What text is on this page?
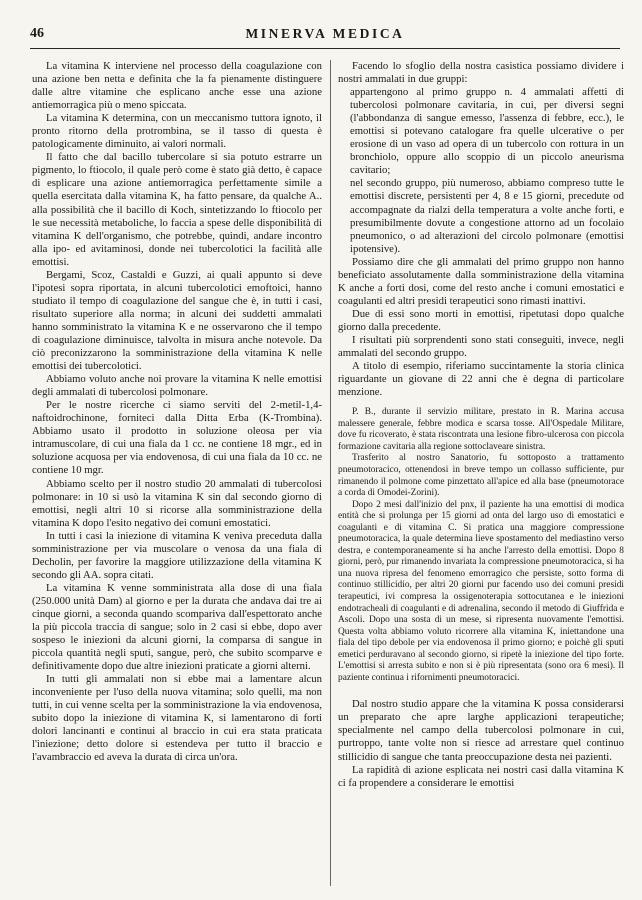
46	MINERVA MEDICA

La vitamina K interviene nel processo della coagulazione con una azione ben netta e definita che la fa pienamente distinguere dalle altre vitamine che esplicano anche esse una azione antiemorragica più o meno spiccata.

La vitamina K determina, con un meccanismo tuttora ignoto, il pronto ritorno della protrombina, se il tasso di questa è patologicamente diminuito, ai valori normali.

Il fatto che dal bacillo tubercolare si sia potuto estrarre un pigmento, lo ftiocolo, il quale però come è stato già detto, è capace di esplicare una azione antiemorragica perfettamente simile a quella esercitata dalla vitamina K, ha fatto pensare, da qualche A.. alla possibilità che il bacillo di Koch, sintetizzando lo ftiocolo per le sue necessità metaboliche, lo faccia a spese delle disponibilità di vitamina K dell'organismo, che potrebbe, quindi, andare incontro alla ipo- ed avitaminosi, donde nei tubercolotici la facilità alle emottisi.

Bergami, Scoz, Castaldi e Guzzi, ai quali appunto si deve l'ipotesi sopra riportata, in alcuni tubercolotici emoftoici, hanno studiato il tempo di coagulazione del sangue che è, in tutti i casi, risultato superiore alla norma; in alcuni dei suddetti ammalati hanno somministrato la vitamina K e ne osservarono che il tempo di coagulazione diminuisce, talvolta in misura anche notevole. Da ciò preconizzarono la somministrazione della vitamina K nelle emottisi dei tubercolotici.

Abbiamo voluto anche noi provare la vitamina K nelle emottisi degli ammalati di tubercolosi polmonare.

Per le nostre ricerche ci siamo serviti del 2-metil-1,4-naftoidrochinone, forniteci dalla Ditta Erba (K-Trombina). Abbiamo usato il prodotto in soluzione oleosa per via intramuscolare, di cui una fiala da 1 cc. ne contiene 18 mgr., ed in soluzione acquosa per via endovenosa, di cui una fiala da 10 cc. ne contiene 10 mgr.

Abbiamo scelto per il nostro studio 20 ammalati di tubercolosi polmonare: in 10 si usò la vitamina K sin dal secondo giorno di emottisi, negli altri 10 si ricorse alla somministrazione della vitamina K dopo l'esito negativo dei comuni emostatici.

In tutti i casi la iniezione di vitamina K veniva preceduta dalla somministrazione per via muscolare o venosa da una fiala di Decholin, per favorire la maggiore utilizzazione della vitamina K secondo gli AA. sopra citati.

La vitamina K venne somministrata alla dose di una fiala (250.000 unità Dam) al giorno e per la durata che andava dai tre ai cinque giorni, a seconda quando scompariva dall'espettorato anche la più piccola traccia di sangue; solo in 2 casi si ebbe, dopo aver sospeso le iniezioni da alcuni giorni, la comparsa di sangue in piccola quantità negli sputi, sangue, però, che subito scomparve e definitivamente dopo due altre iniezioni praticate a giorni alterni.

In tutti gli ammalati non si ebbe mai a lamentare alcun inconveniente per l'uso della nuova vitamina; solo quelli, ma non tutti, in cui venne scelta per la somministrazione la via endovenosa, subito dopo la iniezione di vitamina K, si lamentarono di forti dolori lancinanti e continui al braccio in cui era stata praticata l'iniezione; detto dolore si estendeva per tutto il braccio e l'avambraccio ed aveva la durata di circa un'ora.

Facendo lo sfoglio della nostra casistica possiamo dividere i nostri ammalati in due gruppi:

appartengono al primo gruppo n. 4 ammalati affetti di tubercolosi polmonare cavitaria, in cui, per diversi segni (l'abbondanza di sangue emesso, l'assenza di febbre, ecc.), le emottisi si potevano catalogare fra quelle ulcerative o per erosione di un vaso ad opera di un tubercolo con rottura in un bronchiolo, oppure allo scoppio di un piccolo aneurisma cavitario;

nel secondo gruppo, più numeroso, abbiamo compreso tutte le emottisi discrete, persistenti per 4, 8 e 15 giorni, precedute od accompagnate da rialzi della temperatura a volte anche forti, e presumibilmente dovute a congestione attorno ad un focolaio pneumonico, o ad alterazioni del circolo polmonare (emottisi ipotensive).

Possiamo dire che gli ammalati del primo gruppo non hanno beneficiato assolutamente dalla somministrazione della vitamina K anche a forti dosi, come del resto anche i comuni emostatici e coagulanti ed altri presidi terapeutici sono rimasti inattivi.

Due di essi sono morti in emottisi, ripetutasi dopo qualche giorno dalla precedente.

I risultati più sorprendenti sono stati conseguiti, invece, negli ammalati del secondo gruppo.

A titolo di esempio, riferiamo succintamente la storia clinica riguardante un giovane di 22 anni che è degna di particolare menzione.

P. B., durante il servizio militare, prestato in R. Marina accusa malessere generale, febbre modica e scarsa tosse. All'Ospedale Militare, dove fu ricoverato, è stata riscontrata una lesione fibro-ulcerosa con piccola formazione cavitaria alla regione sottoclaveare sinistra.

Trasferito al nostro Sanatorio, fu sottoposto a trattamento pneumotoracico, ottenendosi in breve tempo un collasso sufficiente, pur rimanendo il polmone come pinzettato all'apice ed alla base (pneumotorace a corda di Omodei-Zorini).

Dopo 2 mesi dall'inizio del pnx, il paziente ha una emottisi di modica entità che si prolunga per 15 giorni ad onta del largo uso di emostatici e coagulanti e di vitamina C. Si pratica una maggiore compressione pneumotoracica, la quale determina lieve spostamento del mediastino verso destra, e contemporaneamente si ha anche l'arresto della emottisi. Dopo 8 giorni, però, pur rimanendo invariata la compressione pneumotoracica, si ha una nuova ripresa del fenomeno emorragico che persiste, sotto forma di continuo stillicidio, per altri 20 giorni pur facendo uso dei comuni presidi terapeutici, ivi compresa la ossigenoterapia sottocutanea e le iniezioni endotracheali di coagulanti e di adrenalina, secondo il metodo di Giuffrida e Ascoli. Dopo una sosta di un mese, si ripresenta nuovamente l'emottisi. Questa volta abbiamo voluto ricorrere alla vitamina K, iniettandone una fiala del tipo debole per via endovenosa il primo giorno; e poichè gli sputi emetici perduravano al secondo giorno, si ripetè la iniezione del tipo forte. L'emottisi si arresta subito e non si è più ripresentata (sono ora 6 mesi). Il paziente continua i rifornimenti pneumotoracici.

Dal nostro studio appare che la vitamina K possa considerarsi un preparato che apre larghe applicazioni terapeutiche; specialmente nel campo della tubercolosi polmonare in cui, purtroppo, tante volte non si riesce ad arrestare quel continuo stillicidio di sangue che tanta preoccupazione desta nei pazienti.

La rapidità di azione esplicata nei nostri casi dalla vitamina K ci fa propendere a considerare le emottisi
